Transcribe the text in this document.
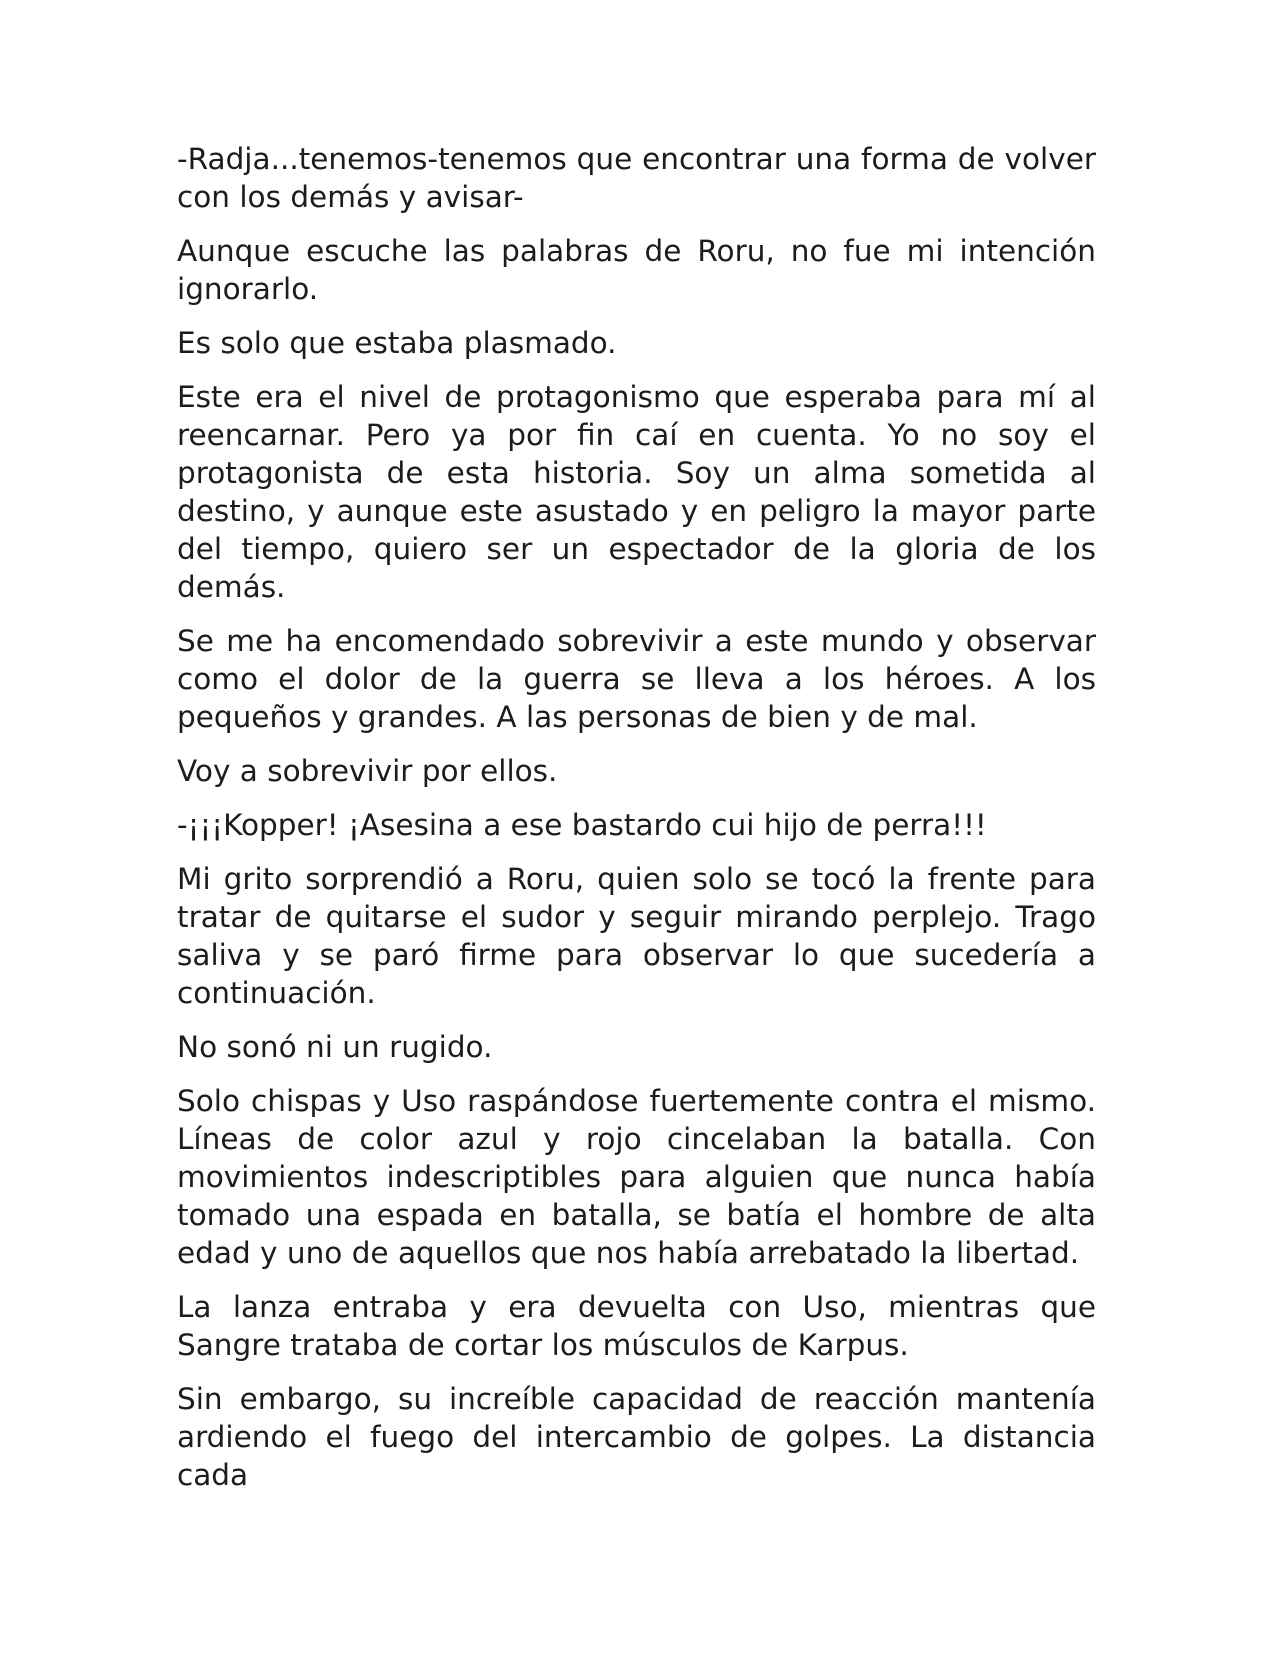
-Radja...tenemos-tenemos que encontrar una forma de volver con los demás y avisar-

Aunque escuche las palabras de Roru, no fue mi intención ignorarlo.

Es solo que estaba plasmado.

Este era el nivel de protagonismo que esperaba para mí al reencarnar. Pero ya por fin caí en cuenta. Yo no soy el protagonista de esta historia. Soy un alma sometida al destino, y aunque este asustado y en peligro la mayor parte del tiempo, quiero ser un espectador de la gloria de los demás.

Se me ha encomendado sobrevivir a este mundo y observar como el dolor de la guerra se lleva a los héroes. A los pequeños y grandes. A las personas de bien y de mal.

Voy a sobrevivir por ellos.

-¡¡¡Kopper! ¡Asesina a ese bastardo cui hijo de perra!!!

Mi grito sorprendió a Roru, quien solo se tocó la frente para tratar de quitarse el sudor y seguir mirando perplejo. Trago saliva y se paró firme para observar lo que sucedería a continuación.

No sonó ni un rugido.

Solo chispas y Uso raspándose fuertemente contra el mismo. Líneas de color azul y rojo cincelaban la batalla. Con movimientos indescriptibles para alguien que nunca había tomado una espada en batalla, se batía el hombre de alta edad y uno de aquellos que nos había arrebatado la libertad.

La lanza entraba y era devuelta con Uso, mientras que Sangre trataba de cortar los músculos de Karpus.

Sin embargo, su increíble capacidad de reacción mantenía ardiendo el fuego del intercambio de golpes. La distancia cada
